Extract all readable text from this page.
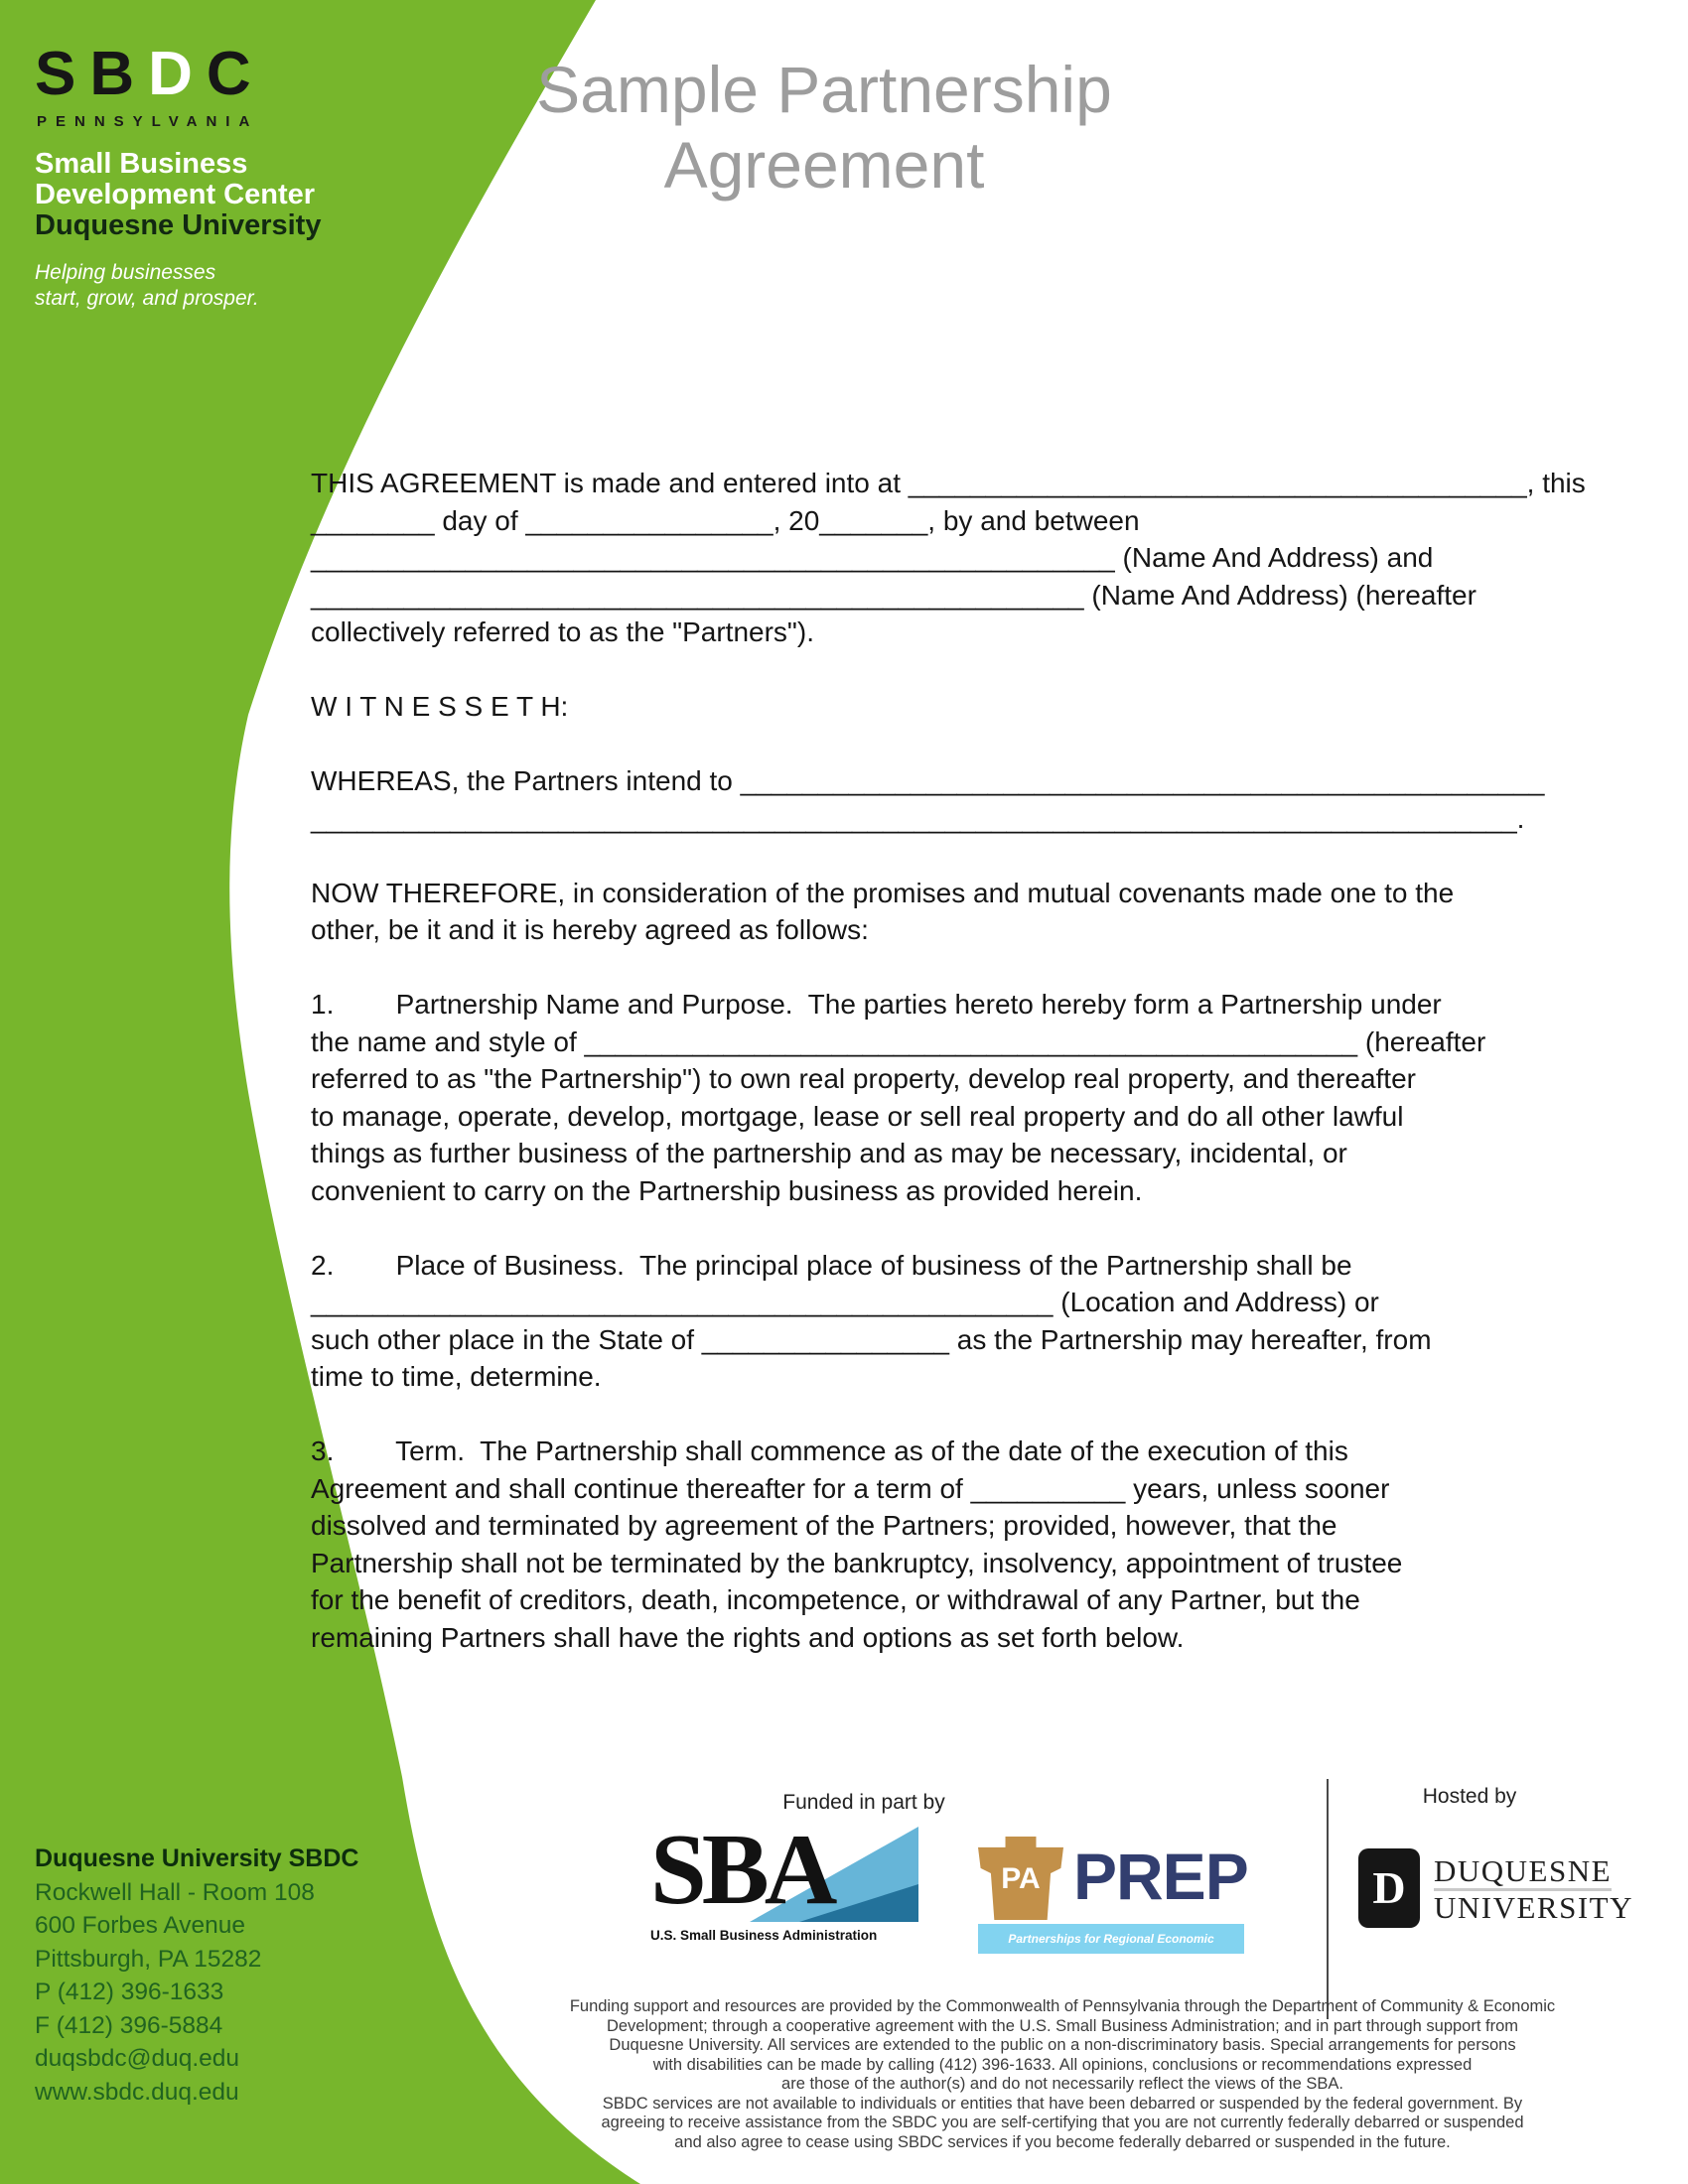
SBDC
PENNSYLVANIA
Small Business
Development Center
Duquesne University
Helping businesses
start, grow, and prosper.
Sample Partnership
Agreement
THIS AGREEMENT is made and entered into at ________________________________________, this
________ day of ________________, 20_______, by and between
____________________________________________________ (Name And Address) and
__________________________________________________ (Name And Address) (hereafter
collectively referred to as the "Partners").
W I T N E S S E T H:
WHEREAS, the Partners intend to ____________________________________________________
______________________________________________________________________________.
NOW THEREFORE, in consideration of the promises and mutual covenants made one to the
other, be it and it is hereby agreed as follows:
1.        Partnership Name and Purpose.  The parties hereto hereby form a Partnership under
the name and style of __________________________________________________ (hereafter
referred to as "the Partnership") to own real property, develop real property, and thereafter
to manage, operate, develop, mortgage, lease or sell real property and do all other lawful
things as further business of the partnership and as may be necessary, incidental, or
convenient to carry on the Partnership business as provided herein.
2.        Place of Business.  The principal place of business of the Partnership shall be
________________________________________________ (Location and Address) or
such other place in the State of ________________ as the Partnership may hereafter, from
time to time, determine.
3.        Term.  The Partnership shall commence as of the date of the execution of this
Agreement and shall continue thereafter for a term of __________ years, unless sooner
dissolved and terminated by agreement of the Partners; provided, however, that the
Partnership shall not be terminated by the bankruptcy, insolvency, appointment of trustee
for the benefit of creditors, death, incompetence, or withdrawal of any Partner, but the
remaining Partners shall have the rights and options as set forth below.
Duquesne University SBDC
Rockwell Hall - Room 108
600 Forbes Avenue
Pittsburgh, PA 15282
P (412) 396-1633
F (412) 396-5884
duqsbdc@duq.edu
www.sbdc.duq.edu
Funded in part by	Hosted by
SBA
U.S. Small Business Administration
PA PREP
Partnerships for Regional Economic Performance
D DUQUESNE
UNIVERSITY
Funding support and resources are provided by the Commonwealth of Pennsylvania through the Department of Community & Economic
Development; through a cooperative agreement with the U.S. Small Business Administration; and in part through support from
Duquesne University. All services are extended to the public on a non-discriminatory basis. Special arrangements for persons
with disabilities can be made by calling (412) 396-1633. All opinions, conclusions or recommendations expressed
are those of the author(s) and do not necessarily reflect the views of the SBA.
SBDC services are not available to individuals or entities that have been debarred or suspended by the federal government. By
agreeing to receive assistance from the SBDC you are self-certifying that you are not currently federally debarred or suspended
and also agree to cease using SBDC services if you become federally debarred or suspended in the future.
